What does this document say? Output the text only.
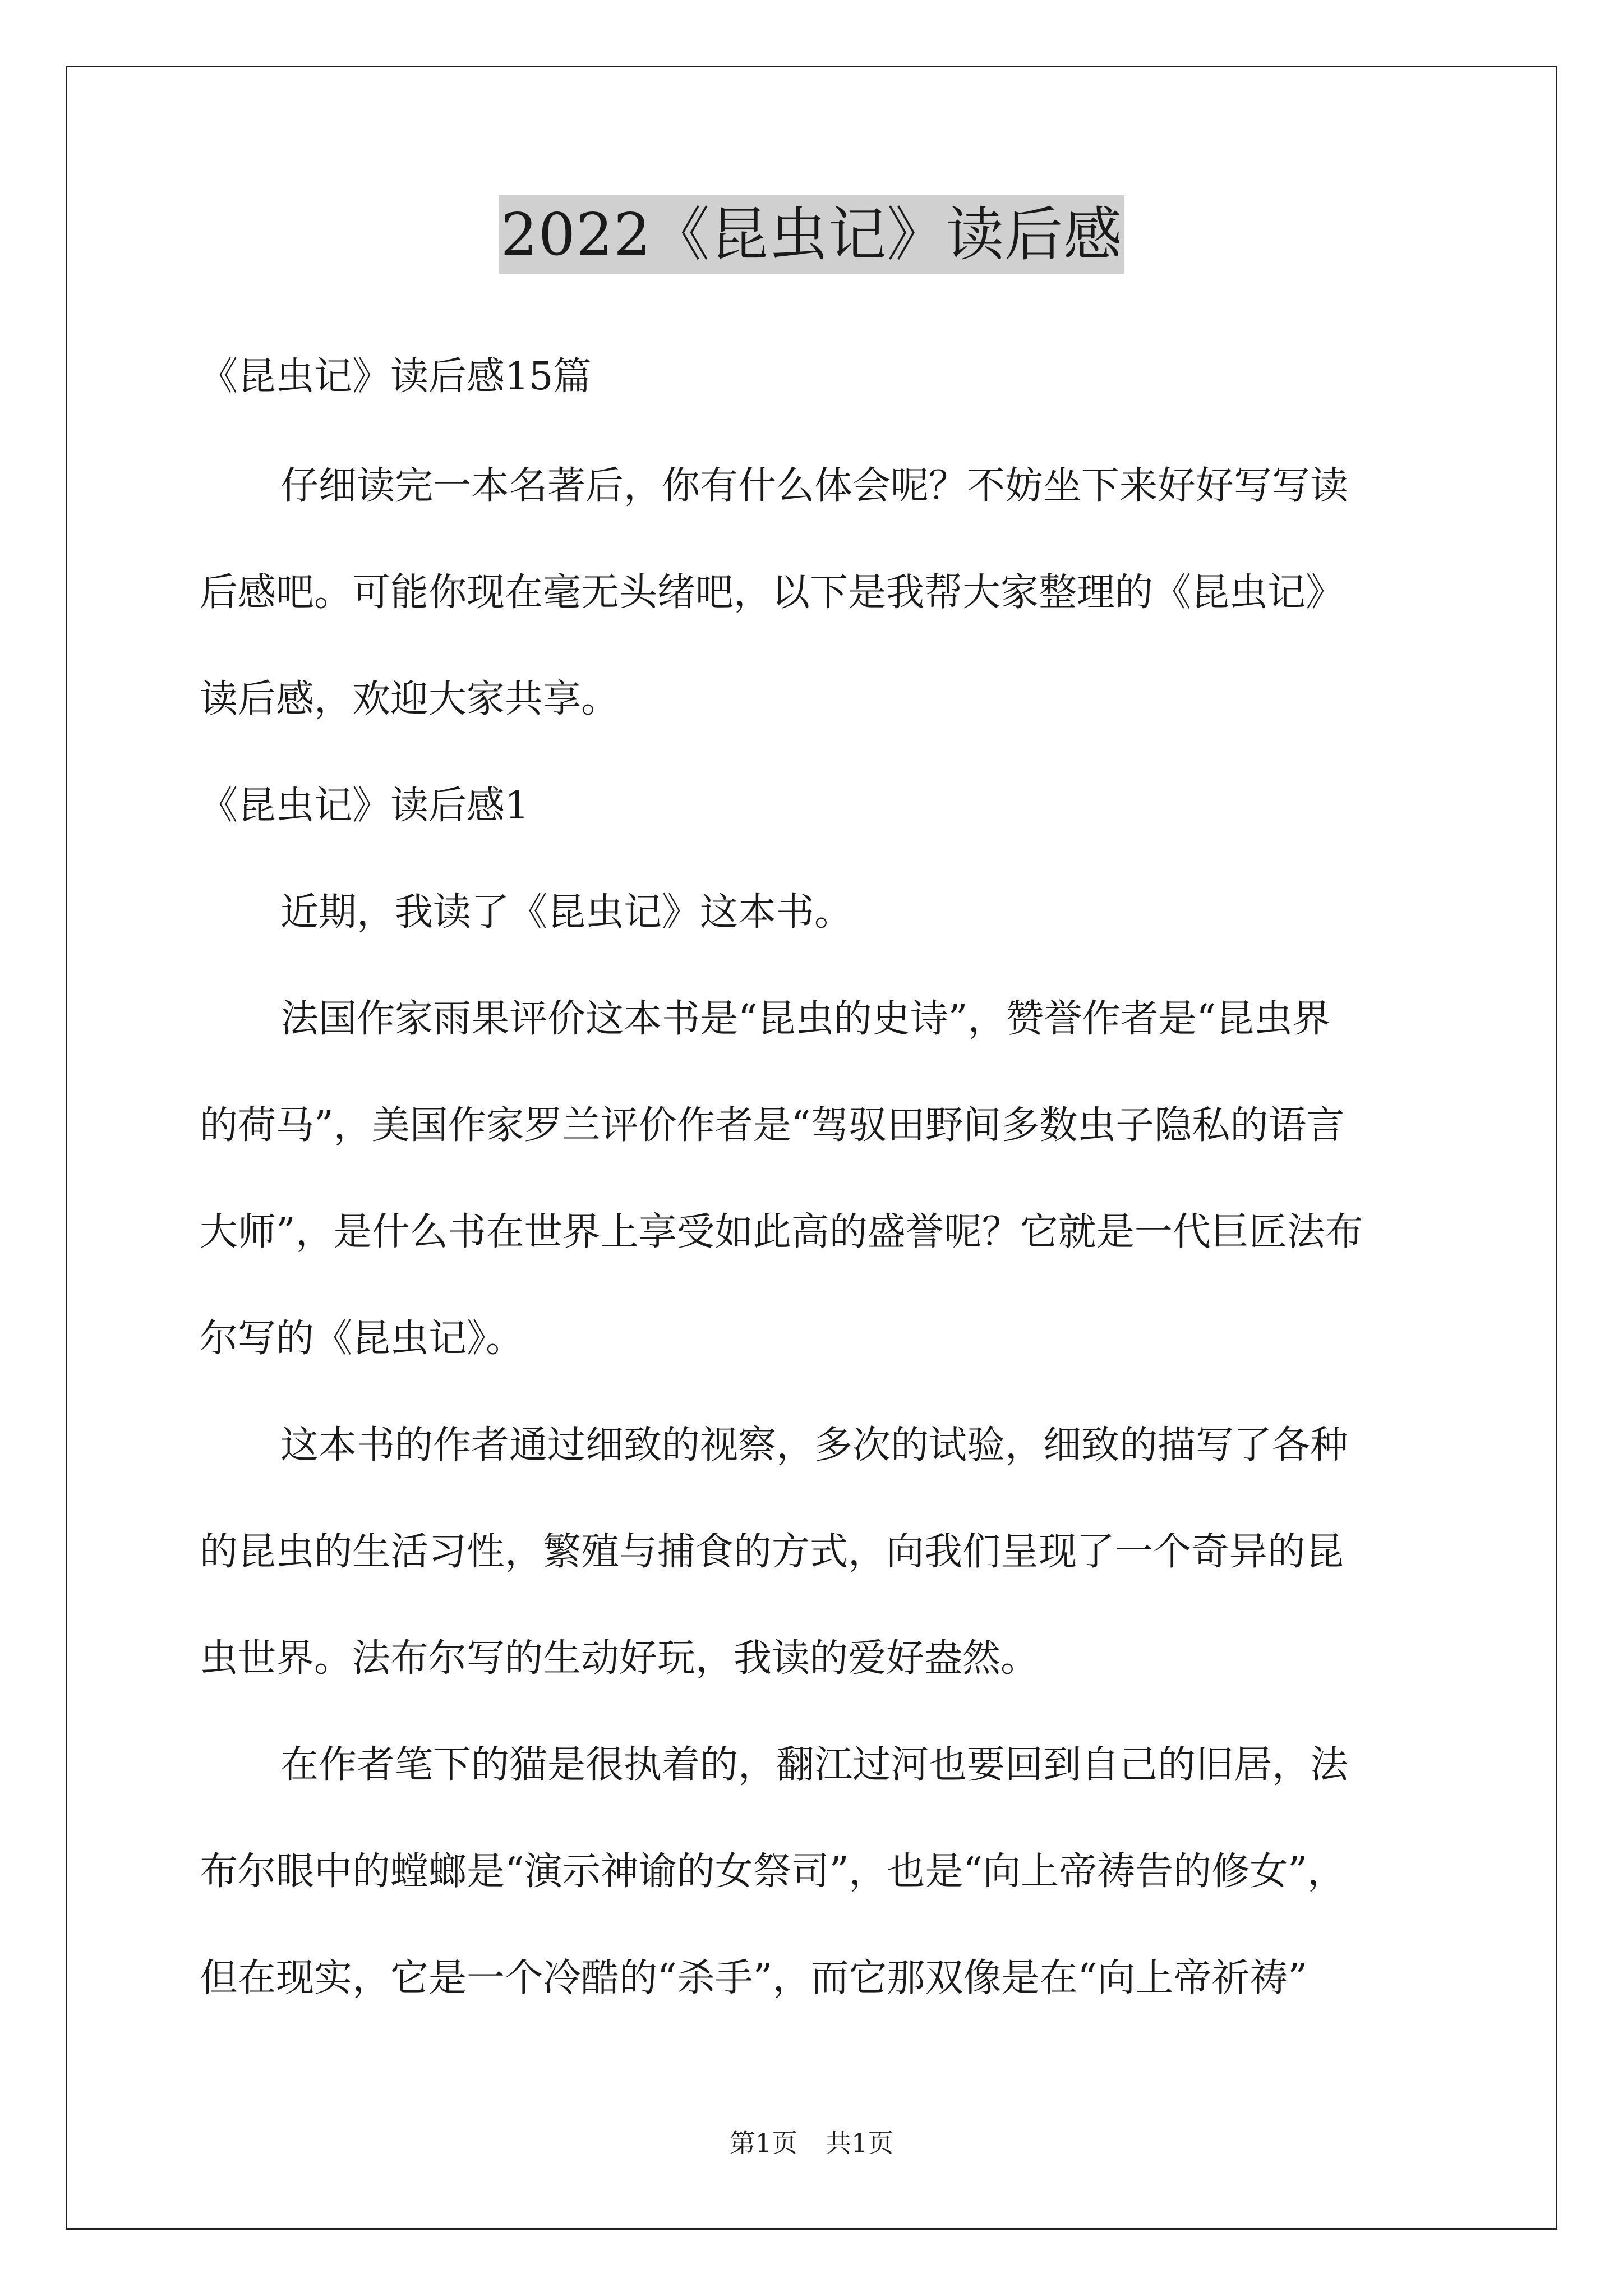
2022《昆虫记》读后感
《昆虫记》读后感15篇
仔细读完一本名著后，你有什么体会呢？不妨坐下来好好写写读
后感吧。可能你现在毫无头绪吧，以下是我帮大家整理的《昆虫记》
读后感，欢迎大家共享。
《昆虫记》读后感1
近期，我读了《昆虫记》这本书。
法国作家雨果评价这本书是“昆虫的史诗”，赞誉作者是“昆虫界
的荷马”，美国作家罗兰评价作者是“驾驭田野间多数虫子隐私的语言
大师”，是什么书在世界上享受如此高的盛誉呢？它就是一代巨匠法布
尔写的《昆虫记》。
这本书的作者通过细致的视察，多次的试验，细致的描写了各种
的昆虫的生活习性，繁殖与捕食的方式，向我们呈现了一个奇异的昆
虫世界。法布尔写的生动好玩，我读的爱好盎然。
在作者笔下的猫是很执着的，翻江过河也要回到自己的旧居，法
布尔眼中的螳螂是“演示神谕的女祭司”，也是“向上帝祷告的修女”，
但在现实，它是一个冷酷的“杀手”，而它那双像是在“向上帝祈祷”
第1页 共1页
